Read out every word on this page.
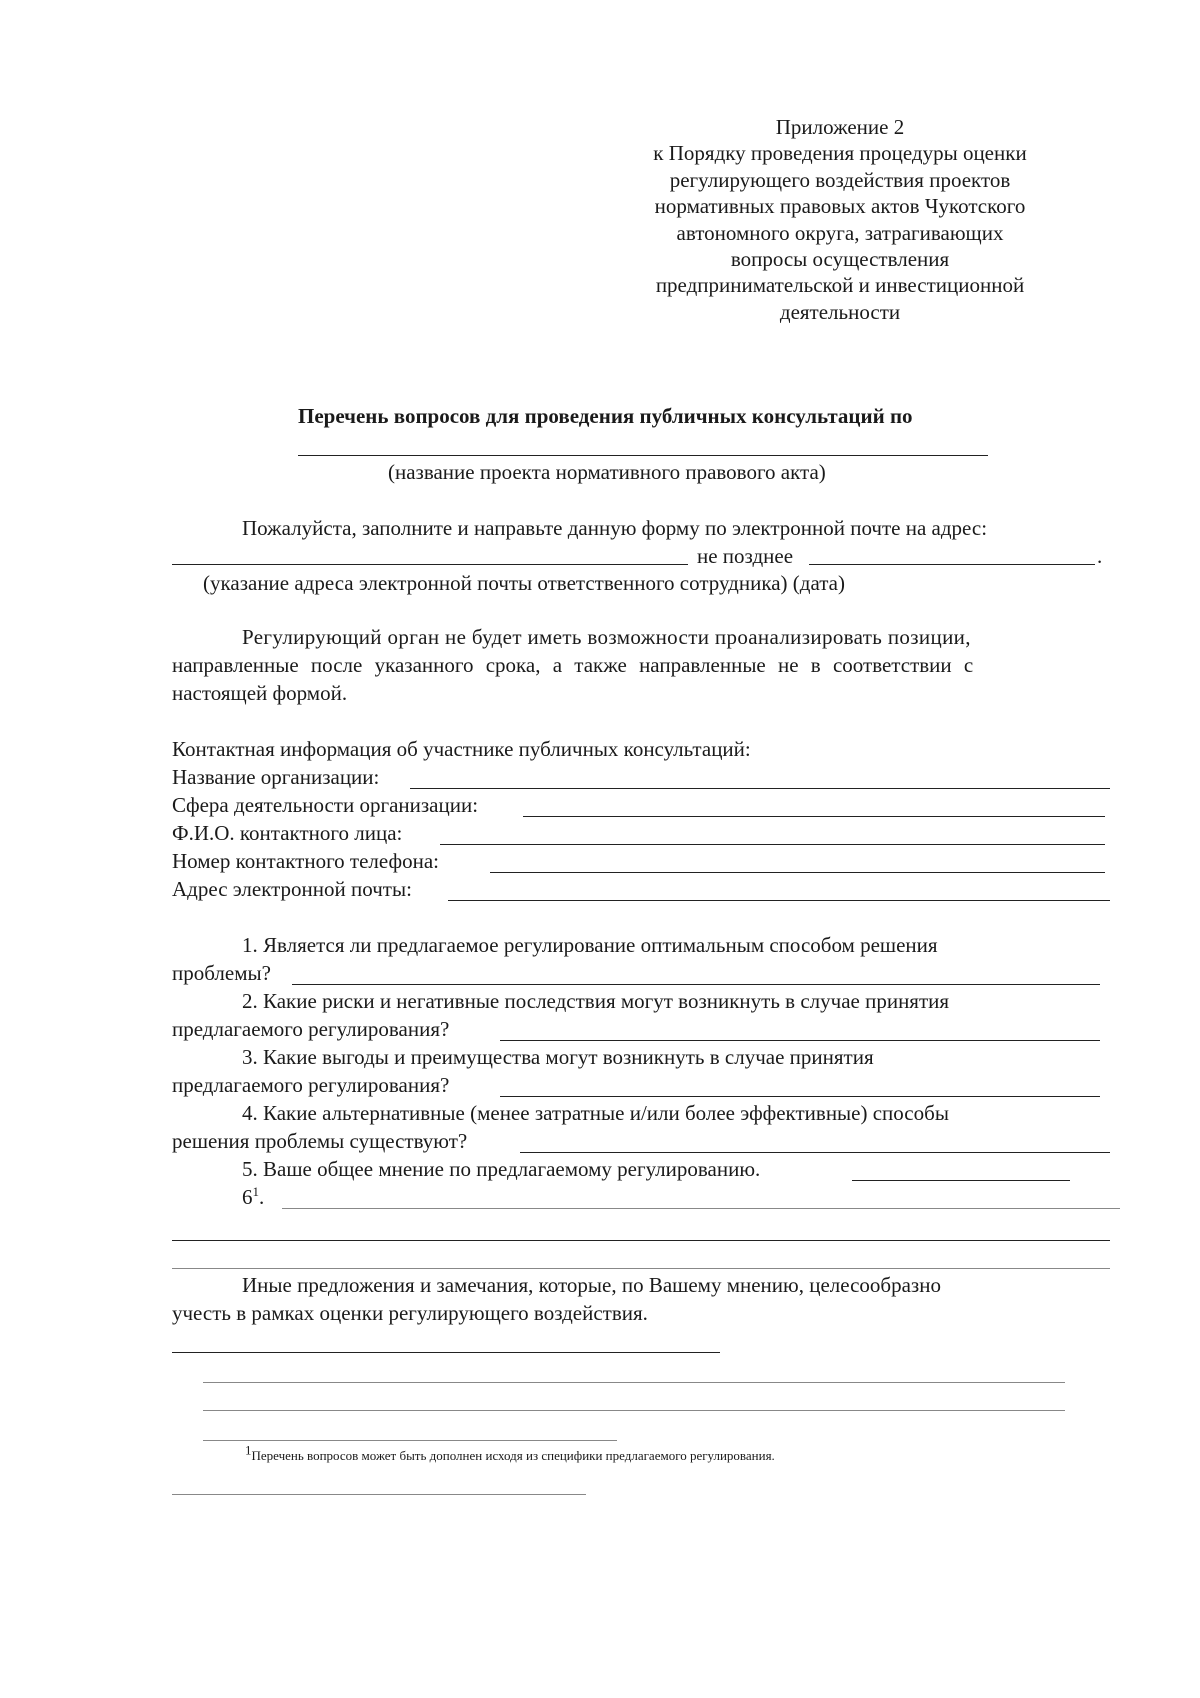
Приложение 2
к Порядку проведения процедуры оценки
регулирующего воздействия проектов
нормативных правовых актов Чукотского
автономного округа, затрагивающих
вопросы осуществления
предпринимательской и инвестиционной
деятельности
Перечень вопросов для проведения публичных консультаций по
(название проекта нормативного правового акта)
Пожалуйста, заполните и направьте данную форму по электронной почте на адрес:
не позднее	.
(указание адреса электронной почты ответственного сотрудника) (дата)
Регулирующий орган не будет иметь возможности проанализировать позиции,
направленные после указанного срока, а также направленные не в соответствии с
настоящей формой.
Контактная информация об участнике публичных консультаций:
Название организации:
Сфера деятельности организации:
Ф.И.О. контактного лица:
Номер контактного телефона:
Адрес электронной почты:
1. Является ли предлагаемое регулирование оптимальным способом решения
проблемы?
2. Какие риски и негативные последствия могут возникнуть в случае принятия
предлагаемого регулирования?
3. Какие выгоды и преимущества могут возникнуть в случае принятия
предлагаемого регулирования?
4. Какие альтернативные (менее затратные и/или более эффективные) способы
решения проблемы существуют?
5. Ваше общее мнение по предлагаемому регулированию.
$6^1$.
Иные предложения и замечания, которые, по Вашему мнению, целесообразно
учесть в рамках оценки регулирующего воздействия.
1Перечень вопросов может быть дополнен исходя из специфики предлагаемого регулирования.
